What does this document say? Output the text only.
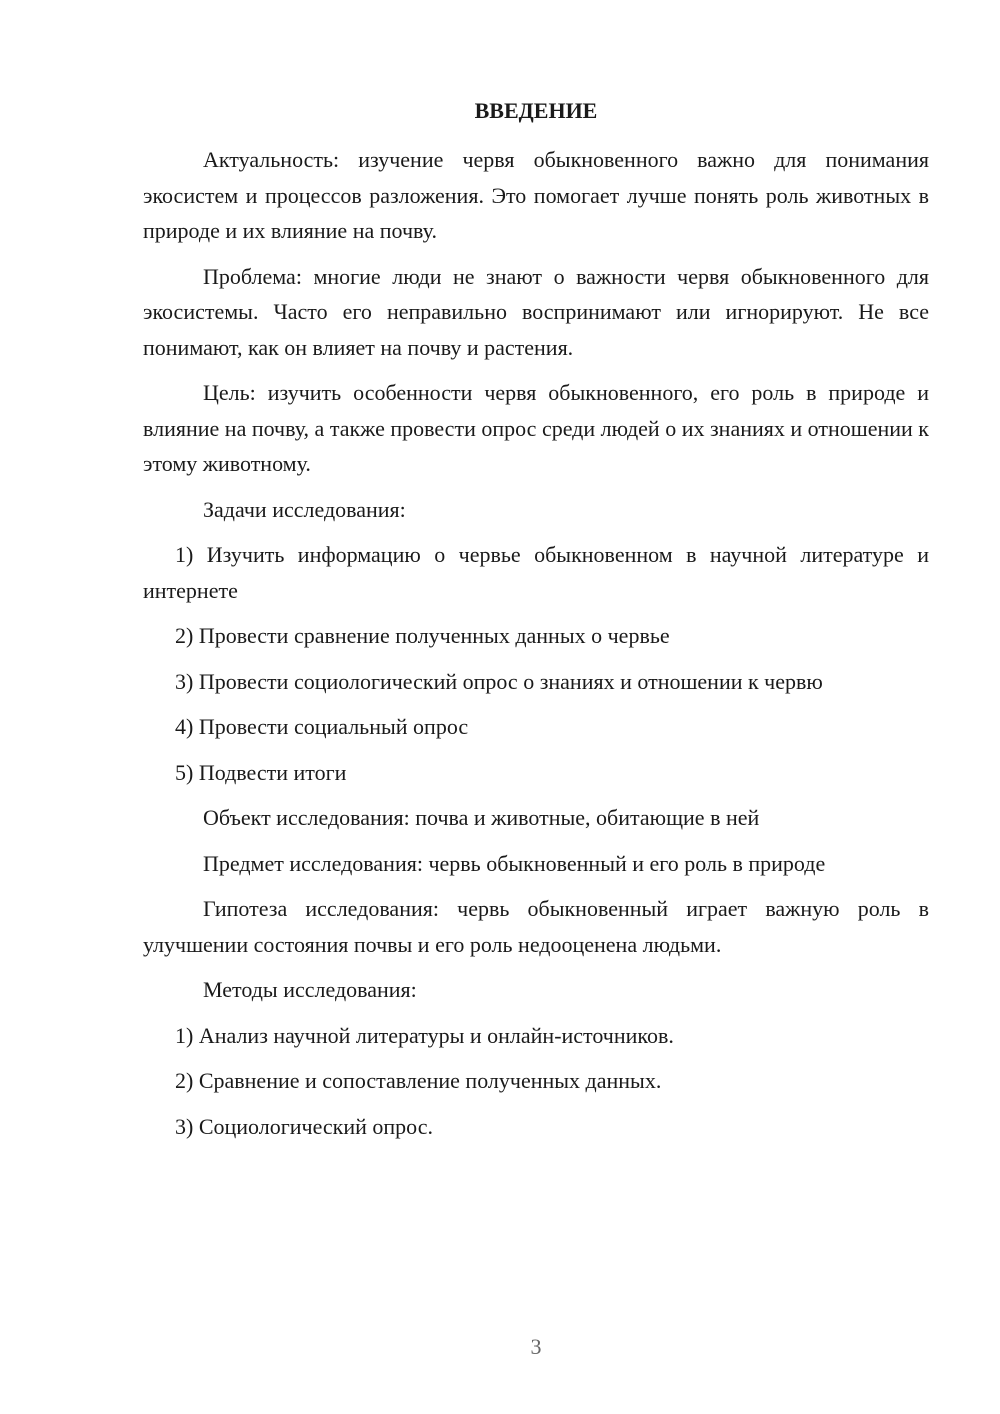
ВВЕДЕНИЕ

Актуальность: изучение червя обыкновенного важно для понимания экосистем и процессов разложения. Это помогает лучше понять роль животных в природе и их влияние на почву.

Проблема: многие люди не знают о важности червя обыкновенного для экосистемы. Часто его неправильно воспринимают или игнорируют. Не все понимают, как он влияет на почву и растения.

Цель: изучить особенности червя обыкновенного, его роль в природе и влияние на почву, а также провести опрос среди людей о их знаниях и отношении к этому животному.

Задачи исследования:

1) Изучить информацию о червье обыкновенном в научной литературе и интернете

2) Провести сравнение полученных данных о червье

3) Провести социологический опрос о знаниях и отношении к червю

4) Провести социальный опрос

5) Подвести итоги

Объект исследования: почва и животные, обитающие в ней

Предмет исследования: червь обыкновенный и его роль в природе

Гипотеза исследования: червь обыкновенный играет важную роль в улучшении состояния почвы и его роль недооценена людьми.

Методы исследования:

1) Анализ научной литературы и онлайн-источников.

2) Сравнение и сопоставление полученных данных.

3) Социологический опрос.

3
